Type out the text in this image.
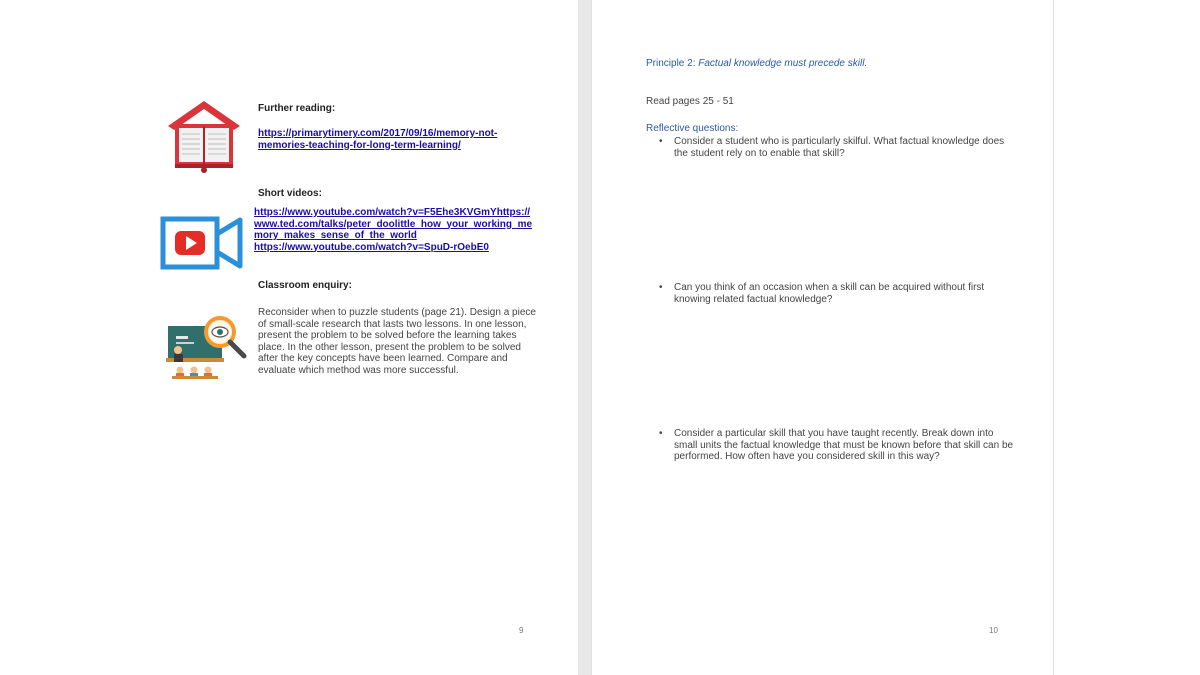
Further reading:
https://primarytimery.com/2017/09/16/memory-not-
memories-teaching-for-long-term-learning/
Short videos:
https://www.youtube.com/watch?v=F5Ehe3KVGmYhttps://
www.ted.com/talks/peter_doolittle_how_your_working_me
mory_makes_sense_of_the_world
https://www.youtube.com/watch?v=SpuD-rOebE0
Classroom enquiry:
Reconsider when to puzzle students (page 21). Design a piece
of small-scale research that lasts two lessons. In one lesson,
present the problem to be solved before the learning takes
place. In the other lesson, present the problem to be solved
after the key concepts have been learned. Compare and
evaluate which method was more successful.
9
Principle 2: Factual knowledge must precede skill.
Read pages 25 - 51
Reflective questions:
• Consider a student who is particularly skilful. What factual knowledge does
the student rely on to enable that skill?
• Can you think of an occasion when a skill can be acquired without first
knowing related factual knowledge?
• Consider a particular skill that you have taught recently. Break down into
small units the factual knowledge that must be known before that skill can be
performed. How often have you considered skill in this way?
10
